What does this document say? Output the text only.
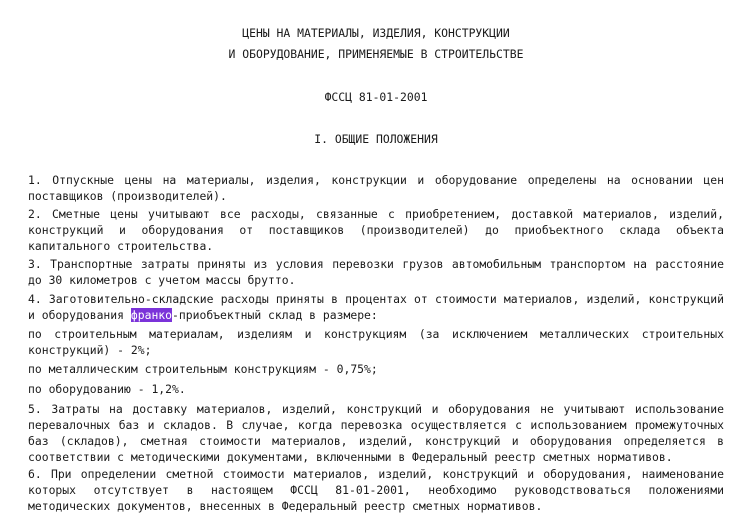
ЦЕНЫ НА МАТЕРИАЛЫ, ИЗДЕЛИЯ, КОНСТРУКЦИИ
И ОБОРУДОВАНИЕ, ПРИМЕНЯЕМЫЕ В СТРОИТЕЛЬСТВЕ
ФССЦ 81-01-2001
I. ОБЩИЕ ПОЛОЖЕНИЯ

1. Отпускные цены на материалы, изделия, конструкции и оборудование определены на основании цен поставщиков (производителей).

2. Сметные цены учитывают все расходы, связанные с приобретением, доставкой материалов, изделий, конструкций и оборудования от поставщиков (производителей) до приобъектного склада объекта капитального строительства.

3. Транспортные затраты приняты из условия перевозки грузов автомобильным транспортом на расстояние до 30 километров с учетом массы брутто.

4. Заготовительно-складские расходы приняты в процентах от стоимости материалов, изделий, конструкций и оборудования франко-приобъектный склад в размере:

по строительным материалам, изделиям и конструкциям (за исключением металлических строительных конструкций) - 2%;

по металлическим строительным конструкциям - 0,75%;

по оборудованию - 1,2%.

5. Затраты на доставку материалов, изделий, конструкций и оборудования не учитывают использование перевалочных баз и складов. В случае, когда перевозка осуществляется с использованием промежуточных баз (складов), сметная стоимости материалов, изделий, конструкций и оборудования определяется в соответствии с методическими документами, включенными в Федеральный реестр сметных нормативов.

6. При определении сметной стоимости материалов, изделий, конструкций и оборудования, наименование которых отсутствует в настоящем ФССЦ 81-01-2001, необходимо руководствоваться положениями методических документов, внесенных в Федеральный реестр сметных нормативов.
